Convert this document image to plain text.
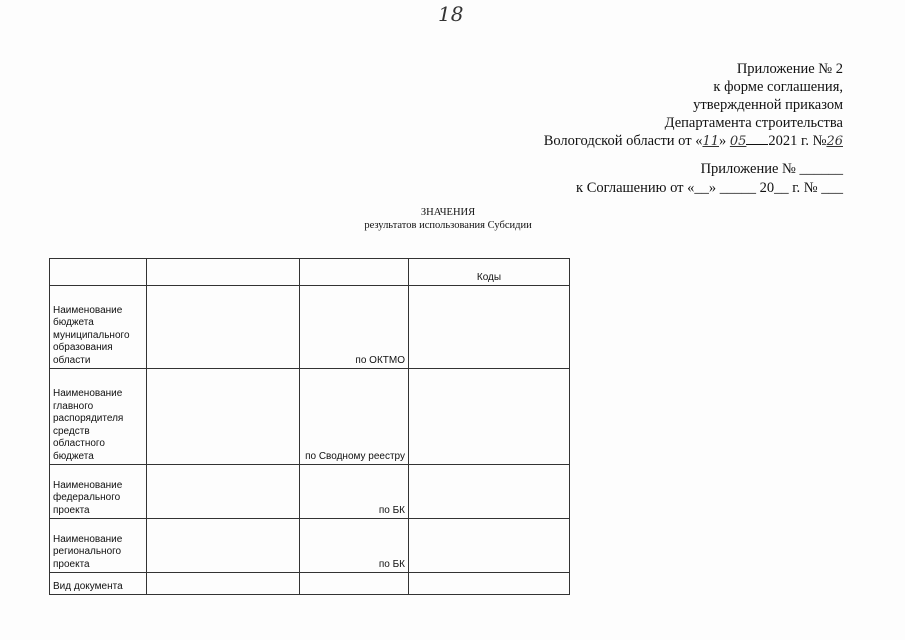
18
Приложение № 2
к форме соглашения,
утвержденной приказом
Департамента строительства
Вологодской области от «11» 05 2021 г. №26
Приложение № ______
к Соглашению от «__» _____ 20__ г. № ___
ЗНАЧЕНИЯ
результатов использования Субсидии
			Коды
Наименование бюджета муниципального образования области		по ОКТМО	
Наименование главного распорядителя средств областного бюджета		по Сводному реестру	
Наименование федерального проекта		по БК	
Наименование регионального проекта		по БК	
Вид документа			
